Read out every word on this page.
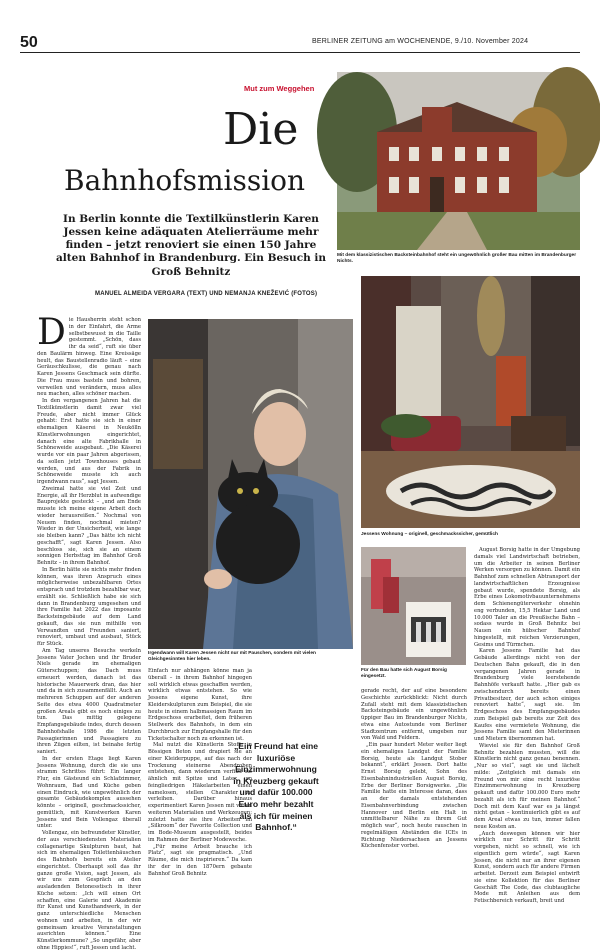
50	BERLINER ZEITUNG am WOCHENENDE, 9./10. November 2024
Mut zum Weggehen
Die
Bahnhofsmission
In Berlin konnte die Textilkünstlerin Karen Jessen keine adäquaten Atelierräume mehr finden – jetzt renoviert sie einen 150 Jahre alten Bahnhof in Brandenburg. Ein Besuch in Groß Behnitz
MANUEL ALMEIDA VERGARA (TEXT) UND NEMANJA KNEŽEVIĆ (FOTOS)
Mit dem klassizistischen Backsteinbahnhof steht ein ungewöhnlich großer Bau mitten im Brandenburger Nichts.
Jessens Wohnung – originell, geschmackssicher, gemütlich
Irgendwann will Karen Jessen nicht nur mit Pauschen, sondern mit vielen Gleichgesinnten hier leben.
Für den Bau hatte sich August Borsig eingesetzt.
D ie Hausherrin steht schon in der Einfahrt, die Arme selbstbewusst in die Taille gestemmt. „Schön, dass ihr da seid“, ruft sie über den Baulärm hinweg. Eine Kreissäge heult, das Baustellenradio läuft – eine Geräuschkulisse, die genau nach Karen Jessens Geschmack sein dürfte. Die Frau muss basteln und bohren, verweilen und verändern, muss alles neu machen, alles schöner machen.

In den vergangenen Jahren hat die Textilkünstlerin damit zwar viel Freude, aber nicht immer Glück gehabt: Erst hatte sie sich in einer ehemaligen Käserei in Neukölln Künstlerwohnungen eingerichtet, danach eine alte Fabrikhalle in Schöneweide ausgebaut. „Die Käserei wurde vor ein paar Jahren abgerissen, da sollen jetzt Townhouses gebaut werden, und aus der Fabrik in Schöneweide musste ich auch irgendwann raus“, sagt Jessen.

Zweimal hatte sie viel Zeit und Energie, all ihr Herzblut in aufwendige Bauprojekte gesteckt – „und am Ende musste ich meine eigene Arbeit doch wieder herausreißen.“ Nochmal von Neuem finden, nochmal mieten? Wieder in der Unsicherheit, wie lange sie bleiben kann? „Das hätte ich nicht geschafft“, sagt Karen Jessen. Also beschloss sie, sich sie an einem sonnigen Herbsttag im Bahnhof Groß Behnitz – in ihrem Bahnhof.

In Berlin hätte sie nichts mehr finden können, was ihren Anspruch eines möglicherweise unbezahlbaren Ortes entsprach und trotzdem bezahlbar war, erzählt sie. Schließlich habe sie sich dann in Brandenburg umgesehen und ihre Familie hat 2022 das imposante Backsteingebäude auf dem Land gekauft, das sie nun mithilfe von Verwandten und Freunden saniert, renoviert, umbaut und ausbaut, Stück für Stück.

Am Tag unseres Besuchs werkeln Jessens Vater Jochen und ihr Bruder Niels gerade im ehemaligen Güterschuppen; das Dach muss erneuert werden, danach ist das historische Mauerwerk dran, das hier und da in sich zusammenfällt. Auch an mehreren Schuppen auf der anderen Seite des etwa 4000 Quadratmeter großen Areals gibt es noch einiges zu tun. Das mittig gelegene Empfangsgebäude indes, durch dessen Bahnhofshalle 1986 die letzten Passagierinnen und Passagiere zu ihren Zügen eilten, ist beinahe fertig saniert.

In der ersten Etage liegt Karen Jessens Wohnung, durch die sie uns stramm Schrittes führt: Ein langer Flur, ein Gästeund ein Schlafzimmer, Wohnraum, Bad und Küche geben einen Eindruck, wie ungewöhnlich der gesamte Gebäudekomplex aussehen könnte – originell, geschmackssicher, gemütlich, mit Kunstwerken Karen Jessens und Bein Vollengaz überall unter.

Vollengaz, ein befreundeter Künstler, der aus verschiedensten Materialien collagenartige Skulpturen baut, hat sich im ehemaligen Toilettenhäuschen des Bahnhofs bereits ein Atelier eingerichtet. Überhaupt soll das ihr ganze große Vision, sagt Jessen, als wir uns zum Gespräch an den ausladenden Betonesstisch in ihrer Küche setzen: „Ich will einen Ort schaffen, eine Galerie und Akademie für Kunst und Kunsthandwerk, in der ganz unterschiedliche Menschen wohnen und arbeiten, in der wir gemeinsam kreative Veranstaltungen ausrichten können.“ Eine Künstlerkommune? „So ungefähr, aber ohne Hippies!“, ruft Jessen und lacht.

Einfach nur abhängen könne man ja überall – in ihrem Bahnhof hingegen soll wirklich etwas geschaffen werden, wirklich etwas entstehen. So wie Jessens eigene Kunst, ihre Kleiderskulpturen zum Beispiel, die sie heute in einem halbmassigen Raum im Erdgeschoss erarbeitet, dem früheren Stellwerk des Bahnhofs, in dem ein Durchbruch zur Empfangshalle für den Ticketschalter noch zu erkennen ist.

Mal nutzt die Künstlerin Stoffe in Bössigen Beton und drapiert sie an einer Kleiderpuppe, auf das nach der Trocknung steinerne Abendroben entstehen, dann wiederum verfilzt sie ähnlich mit Spitze und Latex, um feingliedrigen Häkelarbeiten einen namelosen, stellen Charakter zu verleihen. Darüber hinaus experimentiert Karen Jessen mit vielen weiteren Materialien und Werkzeugen; zuletzt hatte sie ihre Arbeiten im „Silkroom“ der Favorite Collection und im Bode-Museum ausgestellt, beides im Rahmen der Berliner Modewoche.

„Für meine Arbeit brauche ich Platz“, sagt sie pragmatisch. „Und Räume, die mich inspirieren.“ Da kam ihr der in den 1870ern gebaute Bahnhof Groß Behnitz

„Ein Freund hat eine luxuriöse Einzimmerwohnung in Kreuzberg gekauft und dafür 100.000 Euro mehr bezahlt als ich für meinen Bahnhof.“

gerade recht, der auf eine besondere Geschichte zurückblickt: Nicht durch Zufall steht mit dem klassizistischen Backsteingebäude ein ungewöhnlich üppiger Bau im Brandenburger Nichts, etwa eine Autostunde vom Berliner Stadtzentrum entfernt, umgeben nur von Wald und Feldern.

„Ein paar hundert Meter weiter liegt ein ehemaliges Landgut der Familie Borsig, heute als Landgut Stober bekannt“, erklärt Jessen. Dort hatte Ernst Borsig gelebt, Sohn des Eisenbahnindustriellen August Borsig, Erbe der Berliner Borsigwerke. „Die Familie hatte ein Interesse daran, dass an der damals entstehenden Eisenbahnverbindung zwischen Hannover und Berlin ein Halt in unmittelbarer Nähe zu ihrem Gut möglich war“, noch heute rauschen in regelmäßigen Abständen die ICEs in Richtung Niedersachsen an Jessens Küchenfenster vorbei.

August Borsig hatte in der Umgebung damals viel Landwirtschaft betrieben, um die Arbeiter in seinen Berliner Werken versorgen zu können. Damit ein Bahnhof zum schnellen Abtransport der landwirtschaftlichen Erzeugnisse gebaut wurde, spendete Borsig, als Erbe eines Lokomotivbauunternehmens dem Schienengüterverkehr ohnehin eng verbunden, 15,5 Hektar Land und 10.000 Taler an die Preußische Bahn – sodass wurde in Groß Behnitz bei Nauen ein hübscher Bahnhof hingestellt, mit reichen Verzierungen, Gesims und Türmchen.

Karen Jessens Familie hat das Gebäude allerdings nicht von der Deutschen Bahn gekauft, die in den vergangenen Jahren gerade in Brandenburg viele leerstehende Bahnhöfe verkauft hatte. „Hier gab es zwischendurch bereits einen Privatbesitzer, der auch schon einiges renoviert hatte“, sagt sie. Im Erdgeschoss des Empfangsgebäudes zum Beispiel gab bereits zur Zeit des Kaufes eine vermietete Wohnung, die Jessens Familie samt den Mieterinnen und Mietern übernommen hat.

Wieviel sie für den Bahnhof Groß Behnitz bezahlen mussten, will die Künstlerin nicht ganz genau benennen. „Nur so viel“, sagt sie und lächelt milde: „Zeitgleich mit damals ein Freund von mir eine recht luxuriöse Einzimmerwohnung in Kreuzberg gekauft und dafür 100.000 Euro mehr bezahlt als ich für meinen Bahnhof.“ Doch mit dem Kauf war es ja längst nicht getan – kontinuierlich gibt es auf dem Areal etwas zu tun, immer fallen neue Kosten an.

„Auch deswegen können wir hier wirklich nur Schritt für Schritt vorgehen, nicht so schnell, wie ich eigentlich gern würde“, sagt Karen Jessen, die nicht nur an ihrer eigenen Kunst, sondern auch für andere Firmen arbeitet. Derzeit zum Beispiel entwirft sie eine Kollektion für das Berliner Geschäft The Code, das clubtaugliche Mode mit Anleihen aus dem Fetischbereich verkauft, breit und
